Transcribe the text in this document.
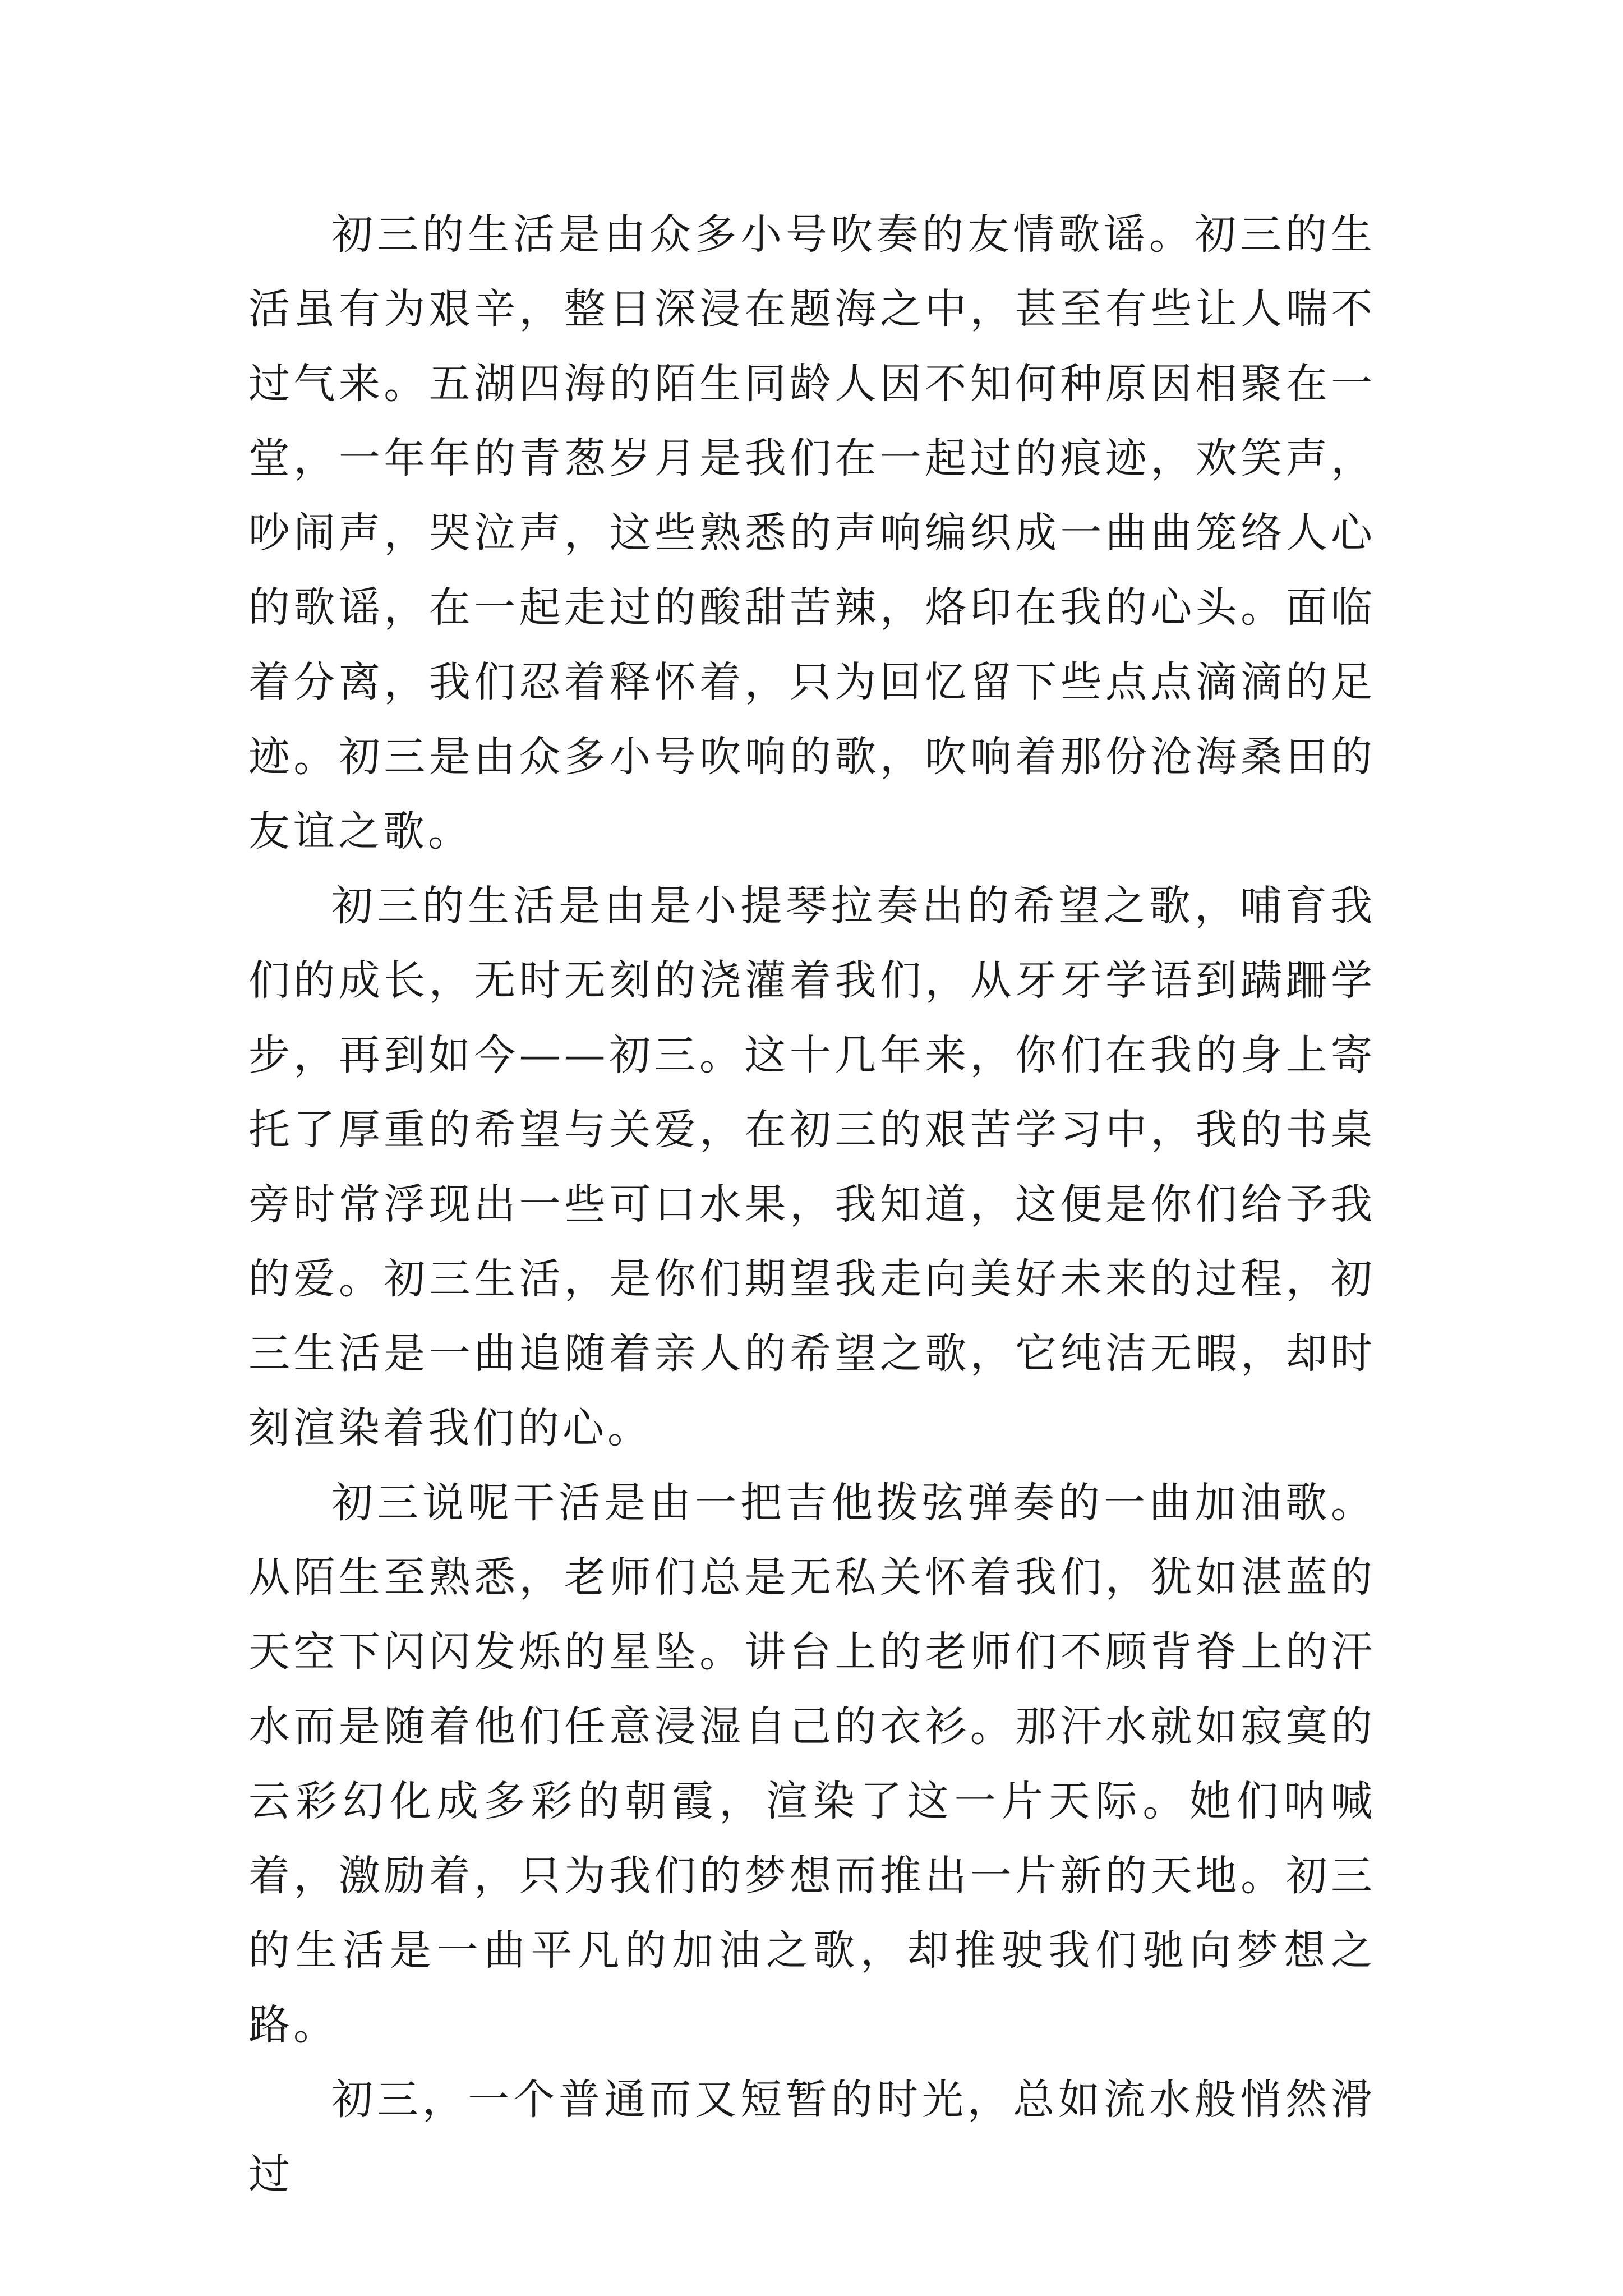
初三的生活是由众多小号吹奏的友情歌谣。初三的生活虽有为艰辛，整日深浸在题海之中，甚至有些让人喘不过气来。五湖四海的陌生同龄人因不知何种原因相聚在一堂，一年年的青葱岁月是我们在一起过的痕迹，欢笑声，吵闹声，哭泣声，这些熟悉的声响编织成一曲曲笼络人心的歌谣，在一起走过的酸甜苦辣，烙印在我的心头。面临着分离，我们忍着释怀着，只为回忆留下些点点滴滴的足迹。初三是由众多小号吹响的歌，吹响着那份沧海桑田的友谊之歌。

初三的生活是由是小提琴拉奏出的希望之歌，哺育我们的成长，无时无刻的浇灌着我们，从牙牙学语到蹒跚学步，再到如今——初三。这十几年来，你们在我的身上寄托了厚重的希望与关爱，在初三的艰苦学习中，我的书桌旁时常浮现出一些可口水果，我知道，这便是你们给予我的爱。初三生活，是你们期望我走向美好未来的过程，初三生活是一曲追随着亲人的希望之歌，它纯洁无暇，却时刻渲染着我们的心。

初三说呢干活是由一把吉他拨弦弹奏的一曲加油歌。从陌生至熟悉，老师们总是无私关怀着我们，犹如湛蓝的天空下闪闪发烁的星坠。讲台上的老师们不顾背脊上的汗水而是随着他们任意浸湿自己的衣衫。那汗水就如寂寞的云彩幻化成多彩的朝霞，渲染了这一片天际。她们呐喊着，激励着，只为我们的梦想而推出一片新的天地。初三的生活是一曲平凡的加油之歌，却推驶我们驰向梦想之路。

初三，一个普通而又短暂的时光，总如流水般悄然滑过
